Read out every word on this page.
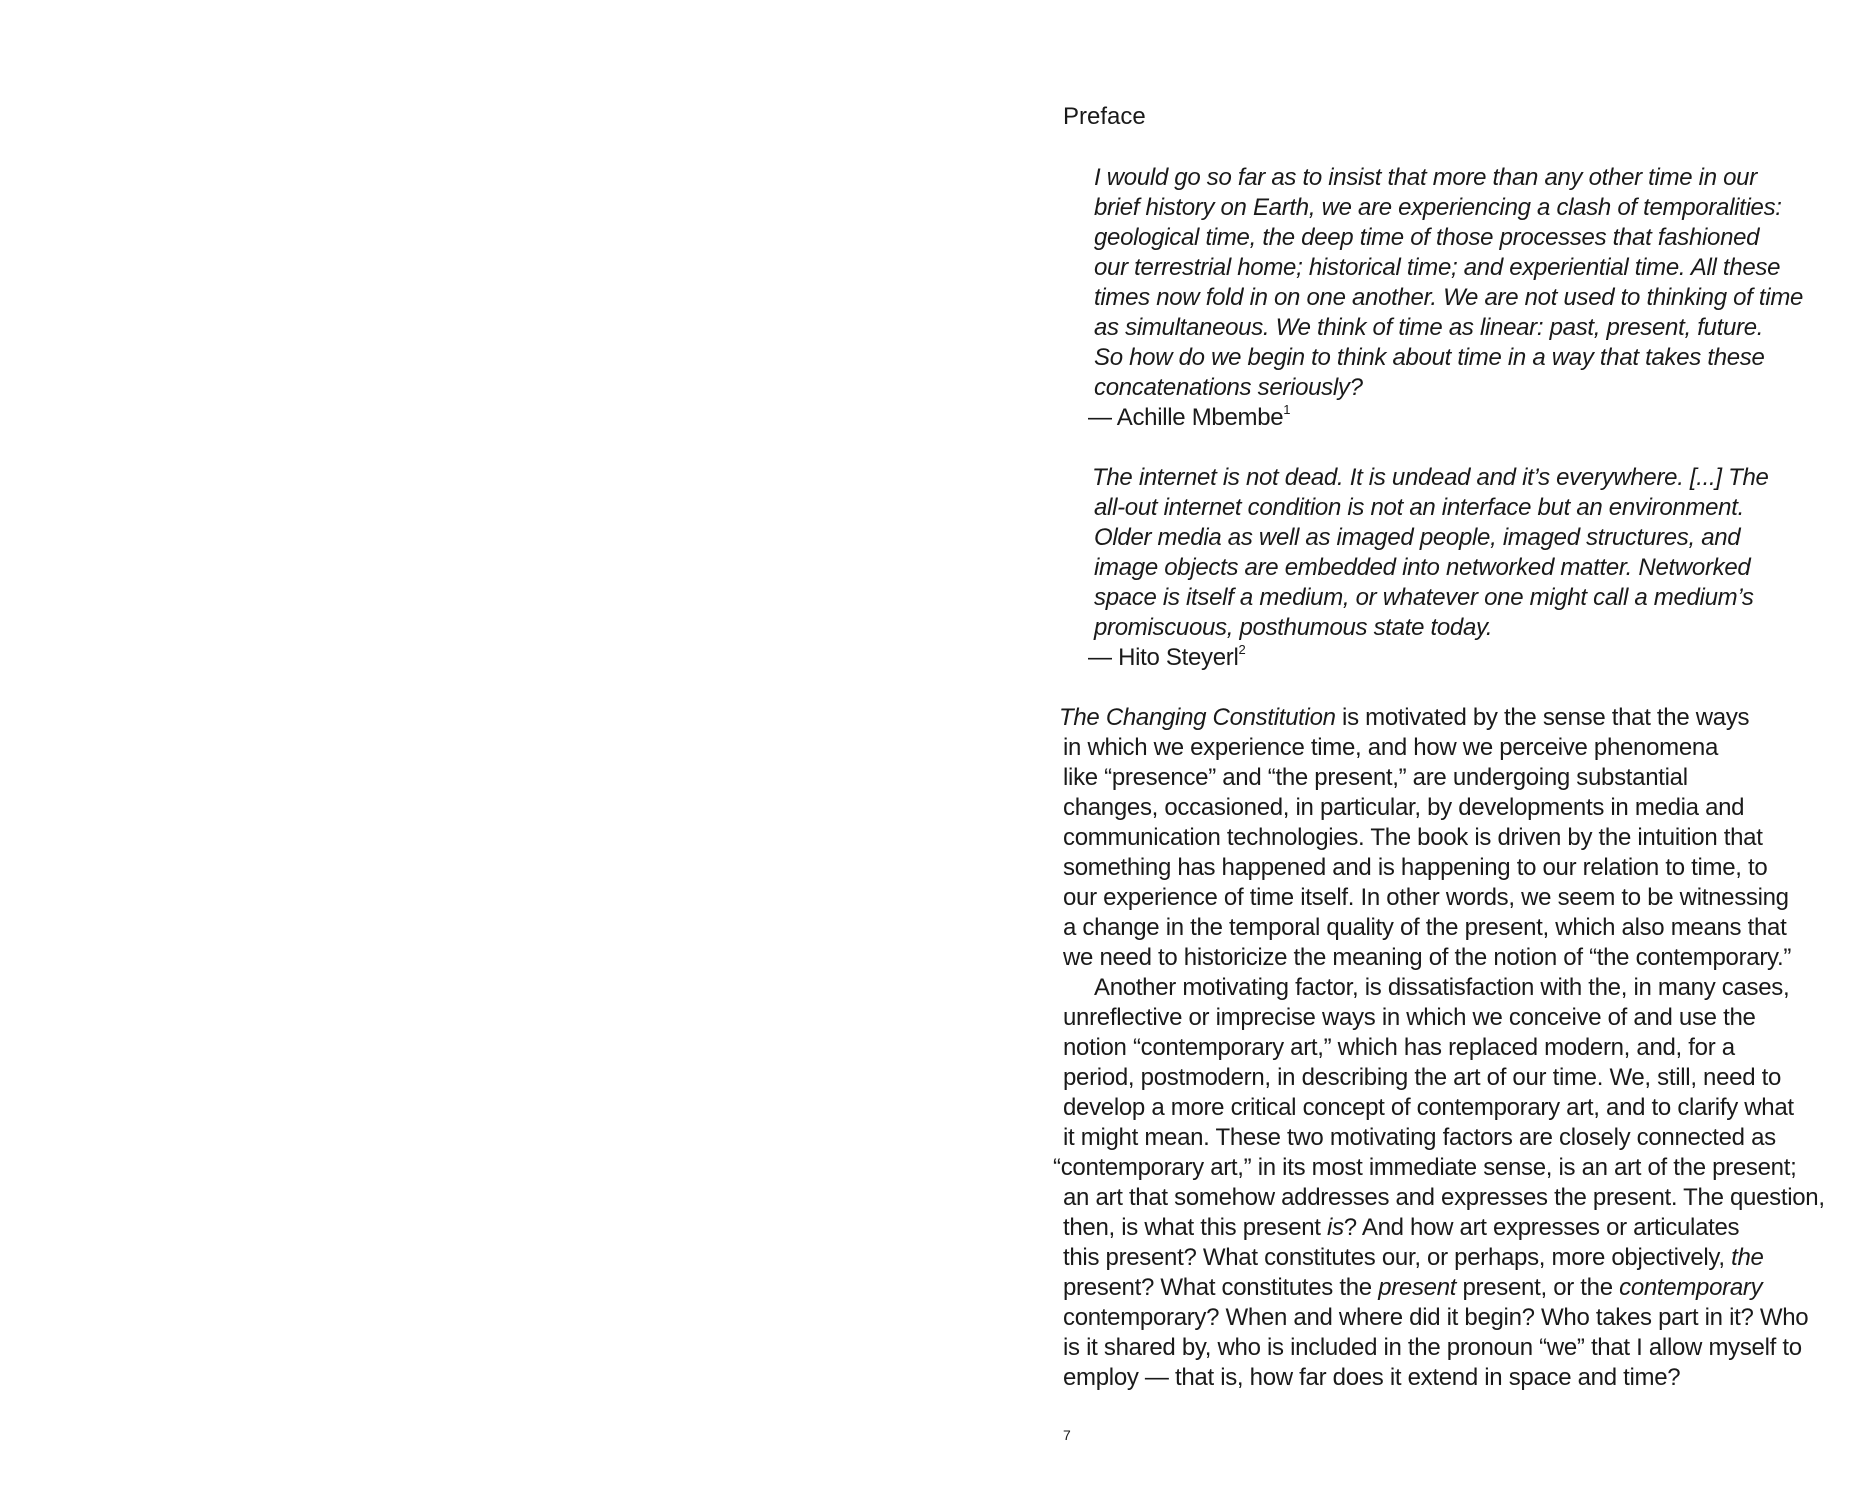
Preface
I would go so far as to insist that more than any other time in our
brief history on Earth, we are experiencing a clash of temporalities:
geological time, the deep time of those processes that fashioned
our terrestrial home; historical time; and experiential time. All these
times now fold in on one another. We are not used to thinking of time
as simultaneous. We think of time as linear: past, present, future.
So how do we begin to think about time in a way that takes these
concatenations seriously?
— Achille Mbembe$^1$
The internet is not dead. It is undead and it’s everywhere. [...] The
all-out internet condition is not an interface but an environment.
Older media as well as imaged people, imaged structures, and
image objects are embedded into networked matter. Networked
space is itself a medium, or whatever one might call a medium’s
promiscuous, posthumous state today.
— Hito Steyerl$^2$
The Changing Constitution is motivated by the sense that the ways
in which we experience time, and how we perceive phenomena
like “presence” and “the present,” are undergoing substantial
changes, occasioned, in particular, by developments in media and
communication technologies. The book is driven by the intuition that
something has happened and is happening to our relation to time, to
our experience of time itself. In other words, we seem to be witnessing
a change in the temporal quality of the present, which also means that
we need to historicize the meaning of the notion of “the contemporary.”
Another motivating factor, is dissatisfaction with the, in many cases,
unreflective or imprecise ways in which we conceive of and use the
notion “contemporary art,” which has replaced modern, and, for a
period, postmodern, in describing the art of our time. We, still, need to
develop a more critical concept of contemporary art, and to clarify what
it might mean. These two motivating factors are closely connected as
“contemporary art,” in its most immediate sense, is an art of the present;
an art that somehow addresses and expresses the present. The question,
then, is what this present is? And how art expresses or articulates
this present? What constitutes our, or perhaps, more objectively, the
present? What constitutes the present present, or the contemporary
contemporary? When and where did it begin? Who takes part in it? Who
is it shared by, who is included in the pronoun “we” that I allow myself to
employ — that is, how far does it extend in space and time?
7
